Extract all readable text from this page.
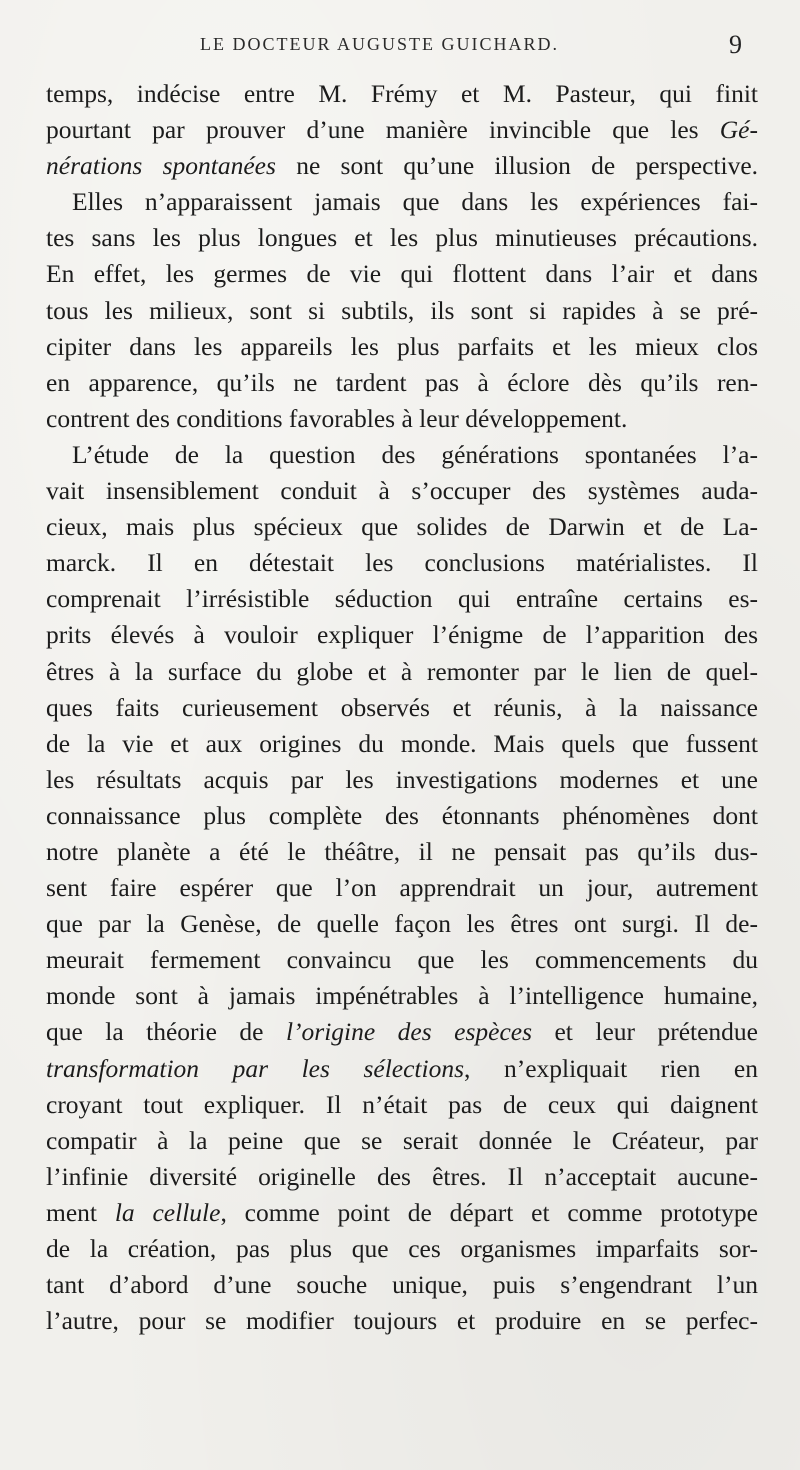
LE DOCTEUR AUGUSTE GUICHARD.	9
temps, indécise entre M. Frémy et M. Pasteur, qui finit
pourtant par prouver d’une manière invincible que les Gé-
nérations spontanées ne sont qu’une illusion de perspective.
Elles n’apparaissent jamais que dans les expériences fai-
tes sans les plus longues et les plus minutieuses précautions.
En effet, les germes de vie qui flottent dans l’air et dans
tous les milieux, sont si subtils, ils sont si rapides à se pré-
cipiter dans les appareils les plus parfaits et les mieux clos
en apparence, qu’ils ne tardent pas à éclore dès qu’ils ren-
contrent des conditions favorables à leur développement.
L’étude de la question des générations spontanées l’a-
vait insensiblement conduit à s’occuper des systèmes auda-
cieux, mais plus spécieux que solides de Darwin et de La-
marck. Il en détestait les conclusions matérialistes. Il
comprenait l’irrésistible séduction qui entraîne certains es-
prits élevés à vouloir expliquer l’énigme de l’apparition des
êtres à la surface du globe et à remonter par le lien de quel-
ques faits curieusement observés et réunis, à la naissance
de la vie et aux origines du monde. Mais quels que fussent
les résultats acquis par les investigations modernes et une
connaissance plus complète des étonnants phénomènes dont
notre planète a été le théâtre, il ne pensait pas qu’ils dus-
sent faire espérer que l’on apprendrait un jour, autrement
que par la Genèse, de quelle façon les êtres ont surgi. Il de-
meurait fermement convaincu que les commencements du
monde sont à jamais impénétrables à l’intelligence humaine,
que la théorie de l’origine des espèces et leur prétendue
transformation par les sélections, n’expliquait rien en
croyant tout expliquer. Il n’était pas de ceux qui daignent
compatir à la peine que se serait donnée le Créateur, par
l’infinie diversité originelle des êtres. Il n’acceptait aucune-
ment la cellule, comme point de départ et comme prototype
de la création, pas plus que ces organismes imparfaits sor-
tant d’abord d’une souche unique, puis s’engendrant l’un
l’autre, pour se modifier toujours et produire en se perfec-
